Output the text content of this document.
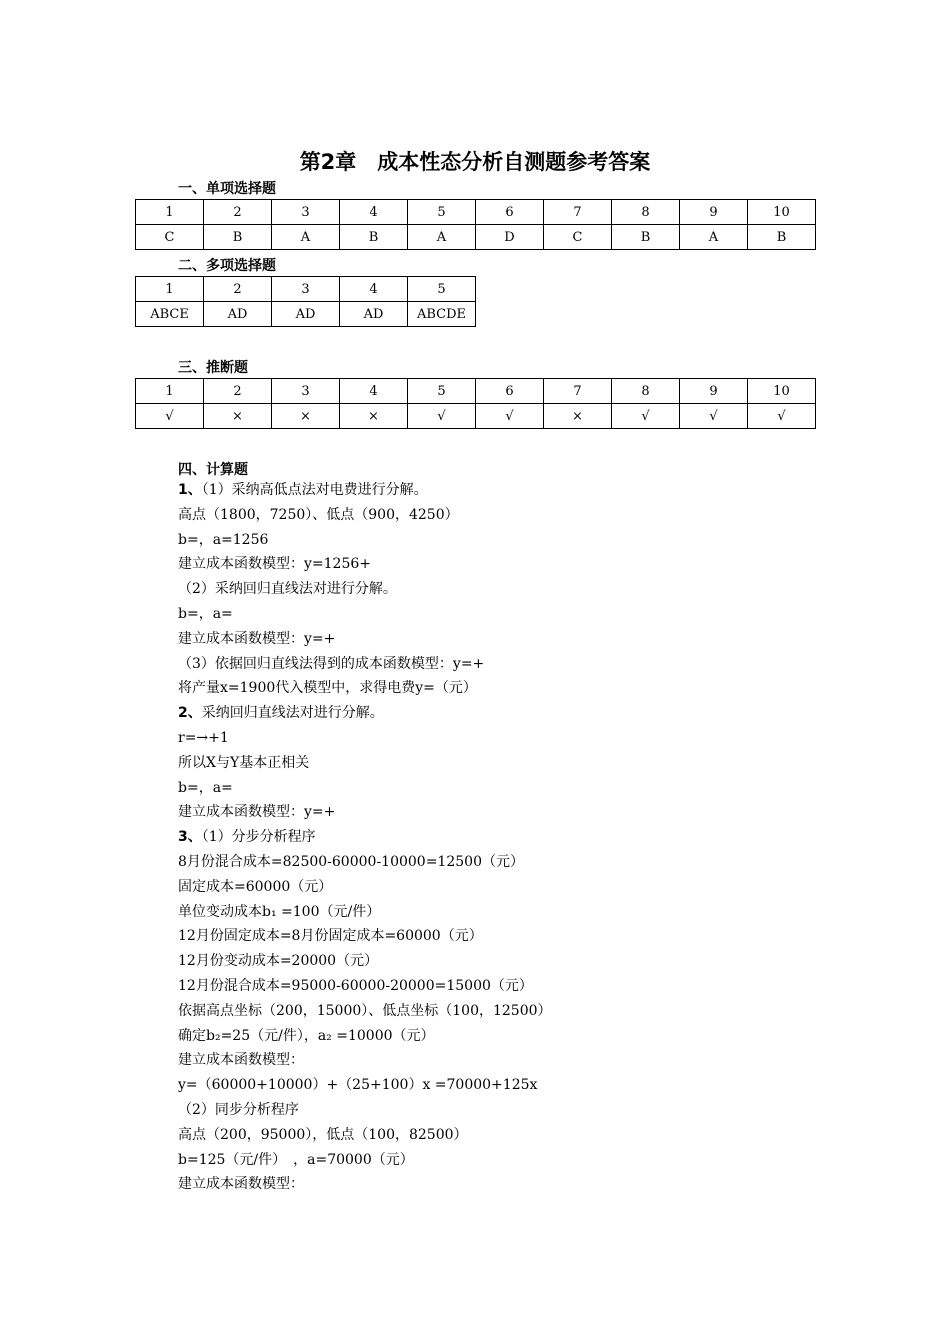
第2章　成本性态分析自测题参考答案
一、单项选择题
1	2	3	4	5	6	7	8	9	10
C	B	A	B	A	D	C	B	A	B
二、多项选择题
1	2	3	4	5
ABCE	AD	AD	AD	ABCDE
三、推断题
1	2	3	4	5	6	7	8	9	10
√	×	×	×	√	√	×	√	√	√
四、计算题
1、（1）采纳高低点法对电费进行分解。
高点（1800，7250）、低点（900，4250）
b=，a=1256
建立成本函数模型：y=1256+
（2）采纳回归直线法对进行分解。
b=，a=
建立成本函数模型：y=+
（3）依据回归直线法得到的成本函数模型：y=+
将产量x=1900代入模型中，求得电费y=（元）
2、采纳回归直线法对进行分解。
r=→+1
所以X与Y基本正相关
b=，a=
建立成本函数模型：y=+
3、（1）分步分析程序
8月份混合成本=82500-60000-10000=12500（元）
固定成本=60000（元）
单位变动成本b₁ =100（元/件）
12月份固定成本=8月份固定成本=60000（元）
12月份变动成本=20000（元）
12月份混合成本=95000-60000-20000=15000（元）
依据高点坐标（200，15000）、低点坐标（100，12500）
确定b₂=25（元/件），a₂ =10000（元）
建立成本函数模型：
y=（60000+10000）+（25+100）x =70000+125x
（2）同步分析程序
高点（200，95000），低点（100，82500）
b=125（元/件）　，a=70000（元）
建立成本函数模型：
